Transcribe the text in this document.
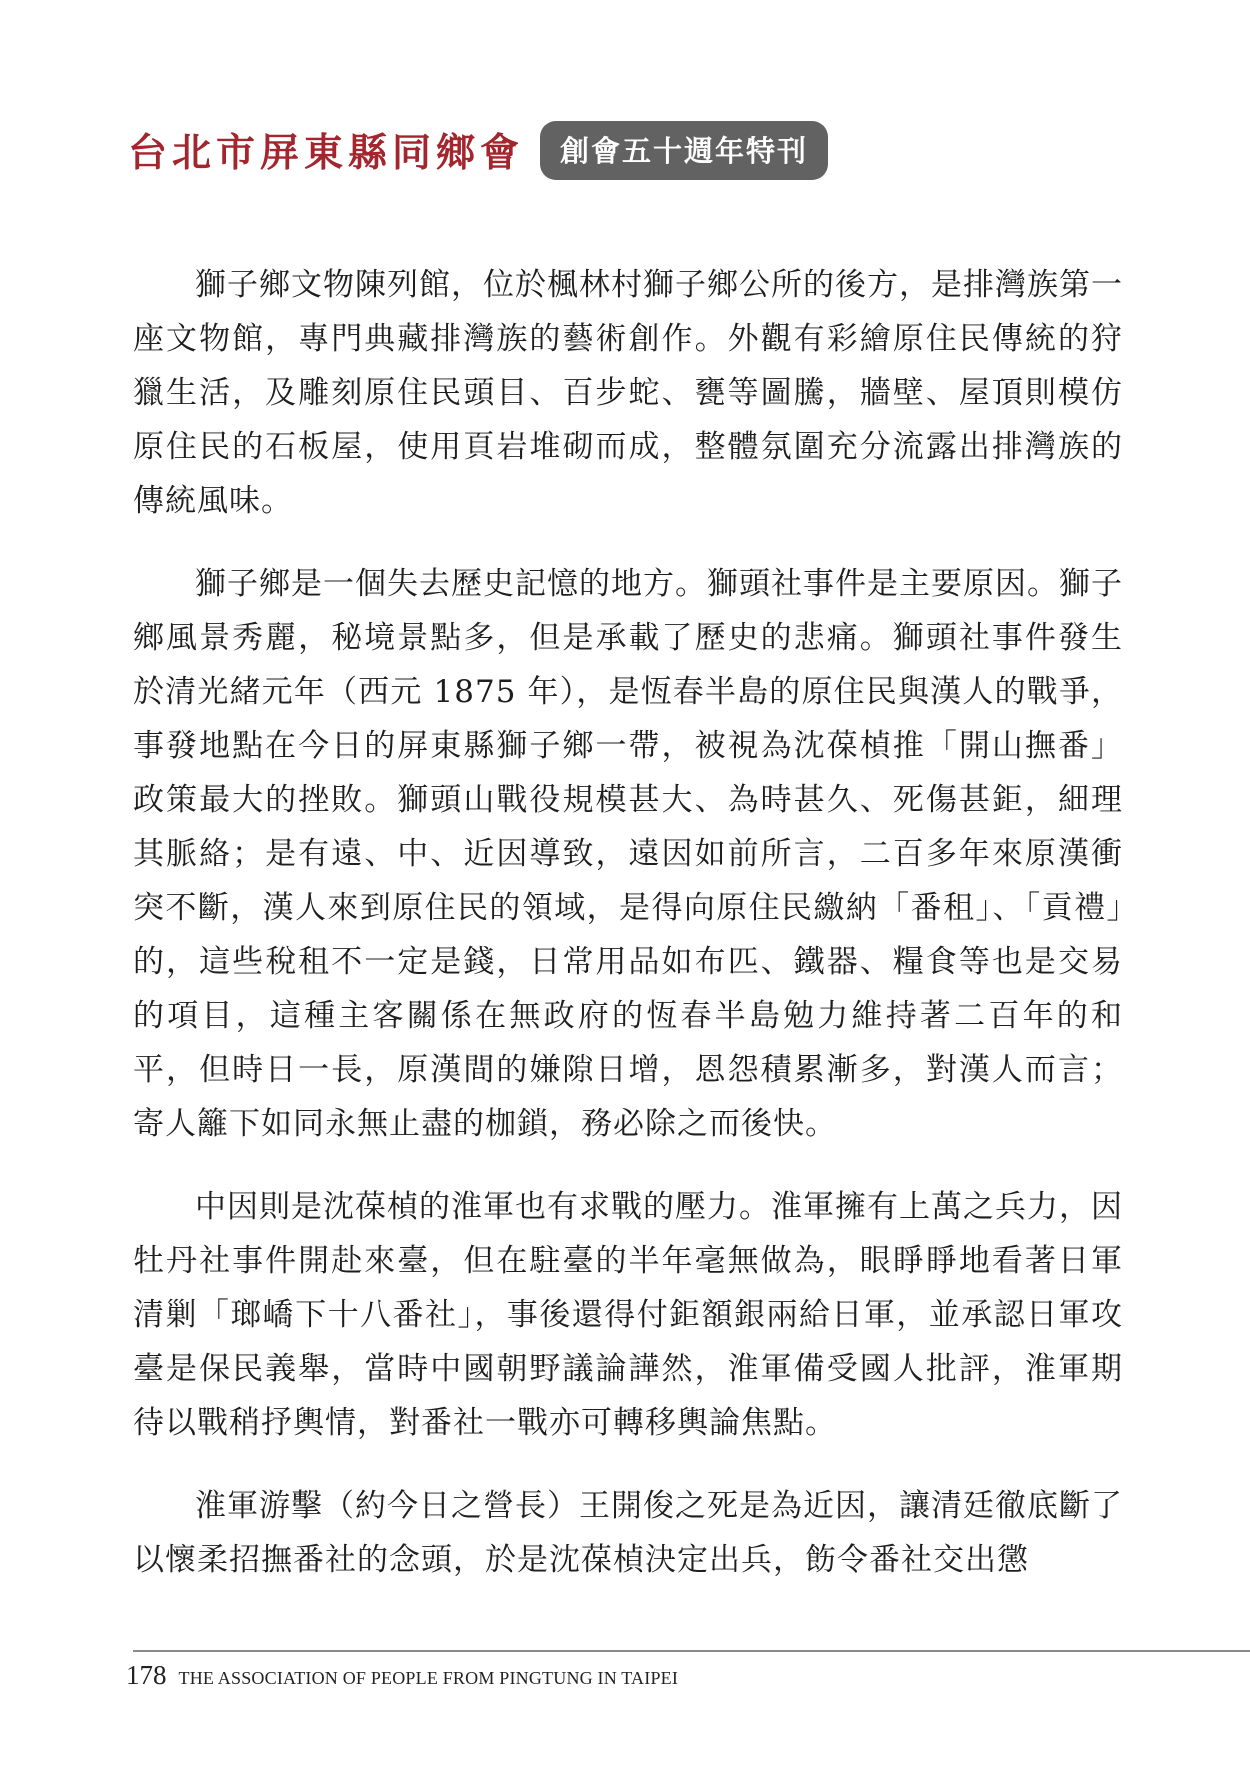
台北市屏東縣同鄉會	創會五十週年特刊

獅子鄉文物陳列館，位於楓林村獅子鄉公所的後方，是排灣族第一座文物館，專門典藏排灣族的藝術創作。外觀有彩繪原住民傳統的狩獵生活，及雕刻原住民頭目、百步蛇、甕等圖騰，牆壁、屋頂則模仿原住民的石板屋，使用頁岩堆砌而成，整體氛圍充分流露出排灣族的傳統風味。

獅子鄉是一個失去歷史記憶的地方。獅頭社事件是主要原因。獅子鄉風景秀麗，秘境景點多，但是承載了歷史的悲痛。獅頭社事件發生於清光緒元年（西元 1875 年），是恆春半島的原住民與漢人的戰爭，事發地點在今日的屏東縣獅子鄉一帶，被視為沈葆楨推「開山撫番」政策最大的挫敗。獅頭山戰役規模甚大、為時甚久、死傷甚鉅，細理其脈絡；是有遠、中、近因導致，遠因如前所言，二百多年來原漢衝突不斷，漢人來到原住民的領域，是得向原住民繳納「番租」、「貢禮」的，這些稅租不一定是錢，日常用品如布匹、鐵器、糧食等也是交易的項目，這種主客關係在無政府的恆春半島勉力維持著二百年的和平，但時日一長，原漢間的嫌隙日增，恩怨積累漸多，對漢人而言；寄人籬下如同永無止盡的枷鎖，務必除之而後快。

中因則是沈葆楨的淮軍也有求戰的壓力。淮軍擁有上萬之兵力，因牡丹社事件開赴來臺，但在駐臺的半年毫無做為，眼睜睜地看著日軍清剿「瑯嶠下十八番社」，事後還得付鉅額銀兩給日軍，並承認日軍攻臺是保民義舉，當時中國朝野議論譁然，淮軍備受國人批評，淮軍期待以戰稍抒輿情，對番社一戰亦可轉移輿論焦點。

淮軍游擊（約今日之營長）王開俊之死是為近因，讓清廷徹底斷了以懷柔招撫番社的念頭，於是沈葆楨決定出兵，飭令番社交出懲

178 THE ASSOCIATION OF PEOPLE FROM PINGTUNG IN TAIPEI
